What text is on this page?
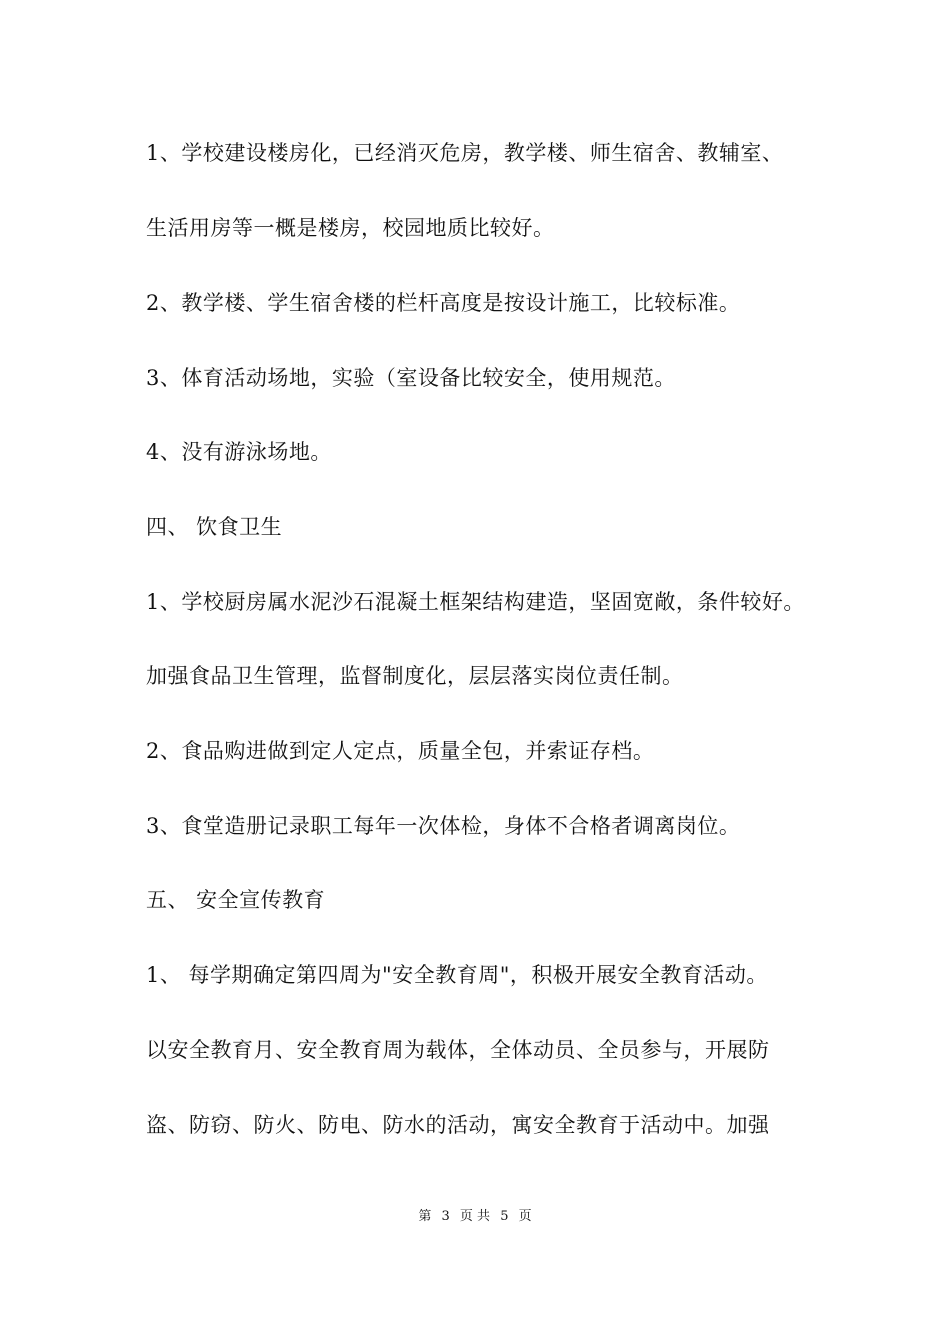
1、学校建设楼房化，已经消灭危房，教学楼、师生宿舍、教辅室、
生活用房等一概是楼房，校园地质比较好。
2、教学楼、学生宿舍楼的栏杆高度是按设计施工，比较标准。
3、体育活动场地，实验（室设备比较安全，使用规范。
4、没有游泳场地。
四、 饮食卫生
1、学校厨房属水泥沙石混凝土框架结构建造，坚固宽敞，条件较好。
加强食品卫生管理，监督制度化，层层落实岗位责任制。
2、食品购进做到定人定点，质量全包，并索证存档。
3、食堂造册记录职工每年一次体检，身体不合格者调离岗位。
五、 安全宣传教育
1、 每学期确定第四周为"安全教育周"，积极开展安全教育活动。
以安全教育月、安全教育周为载体，全体动员、全员参与，开展防
盗、防窃、防火、防电、防水的活动，寓安全教育于活动中。加强
第 3 页 共 5 页
